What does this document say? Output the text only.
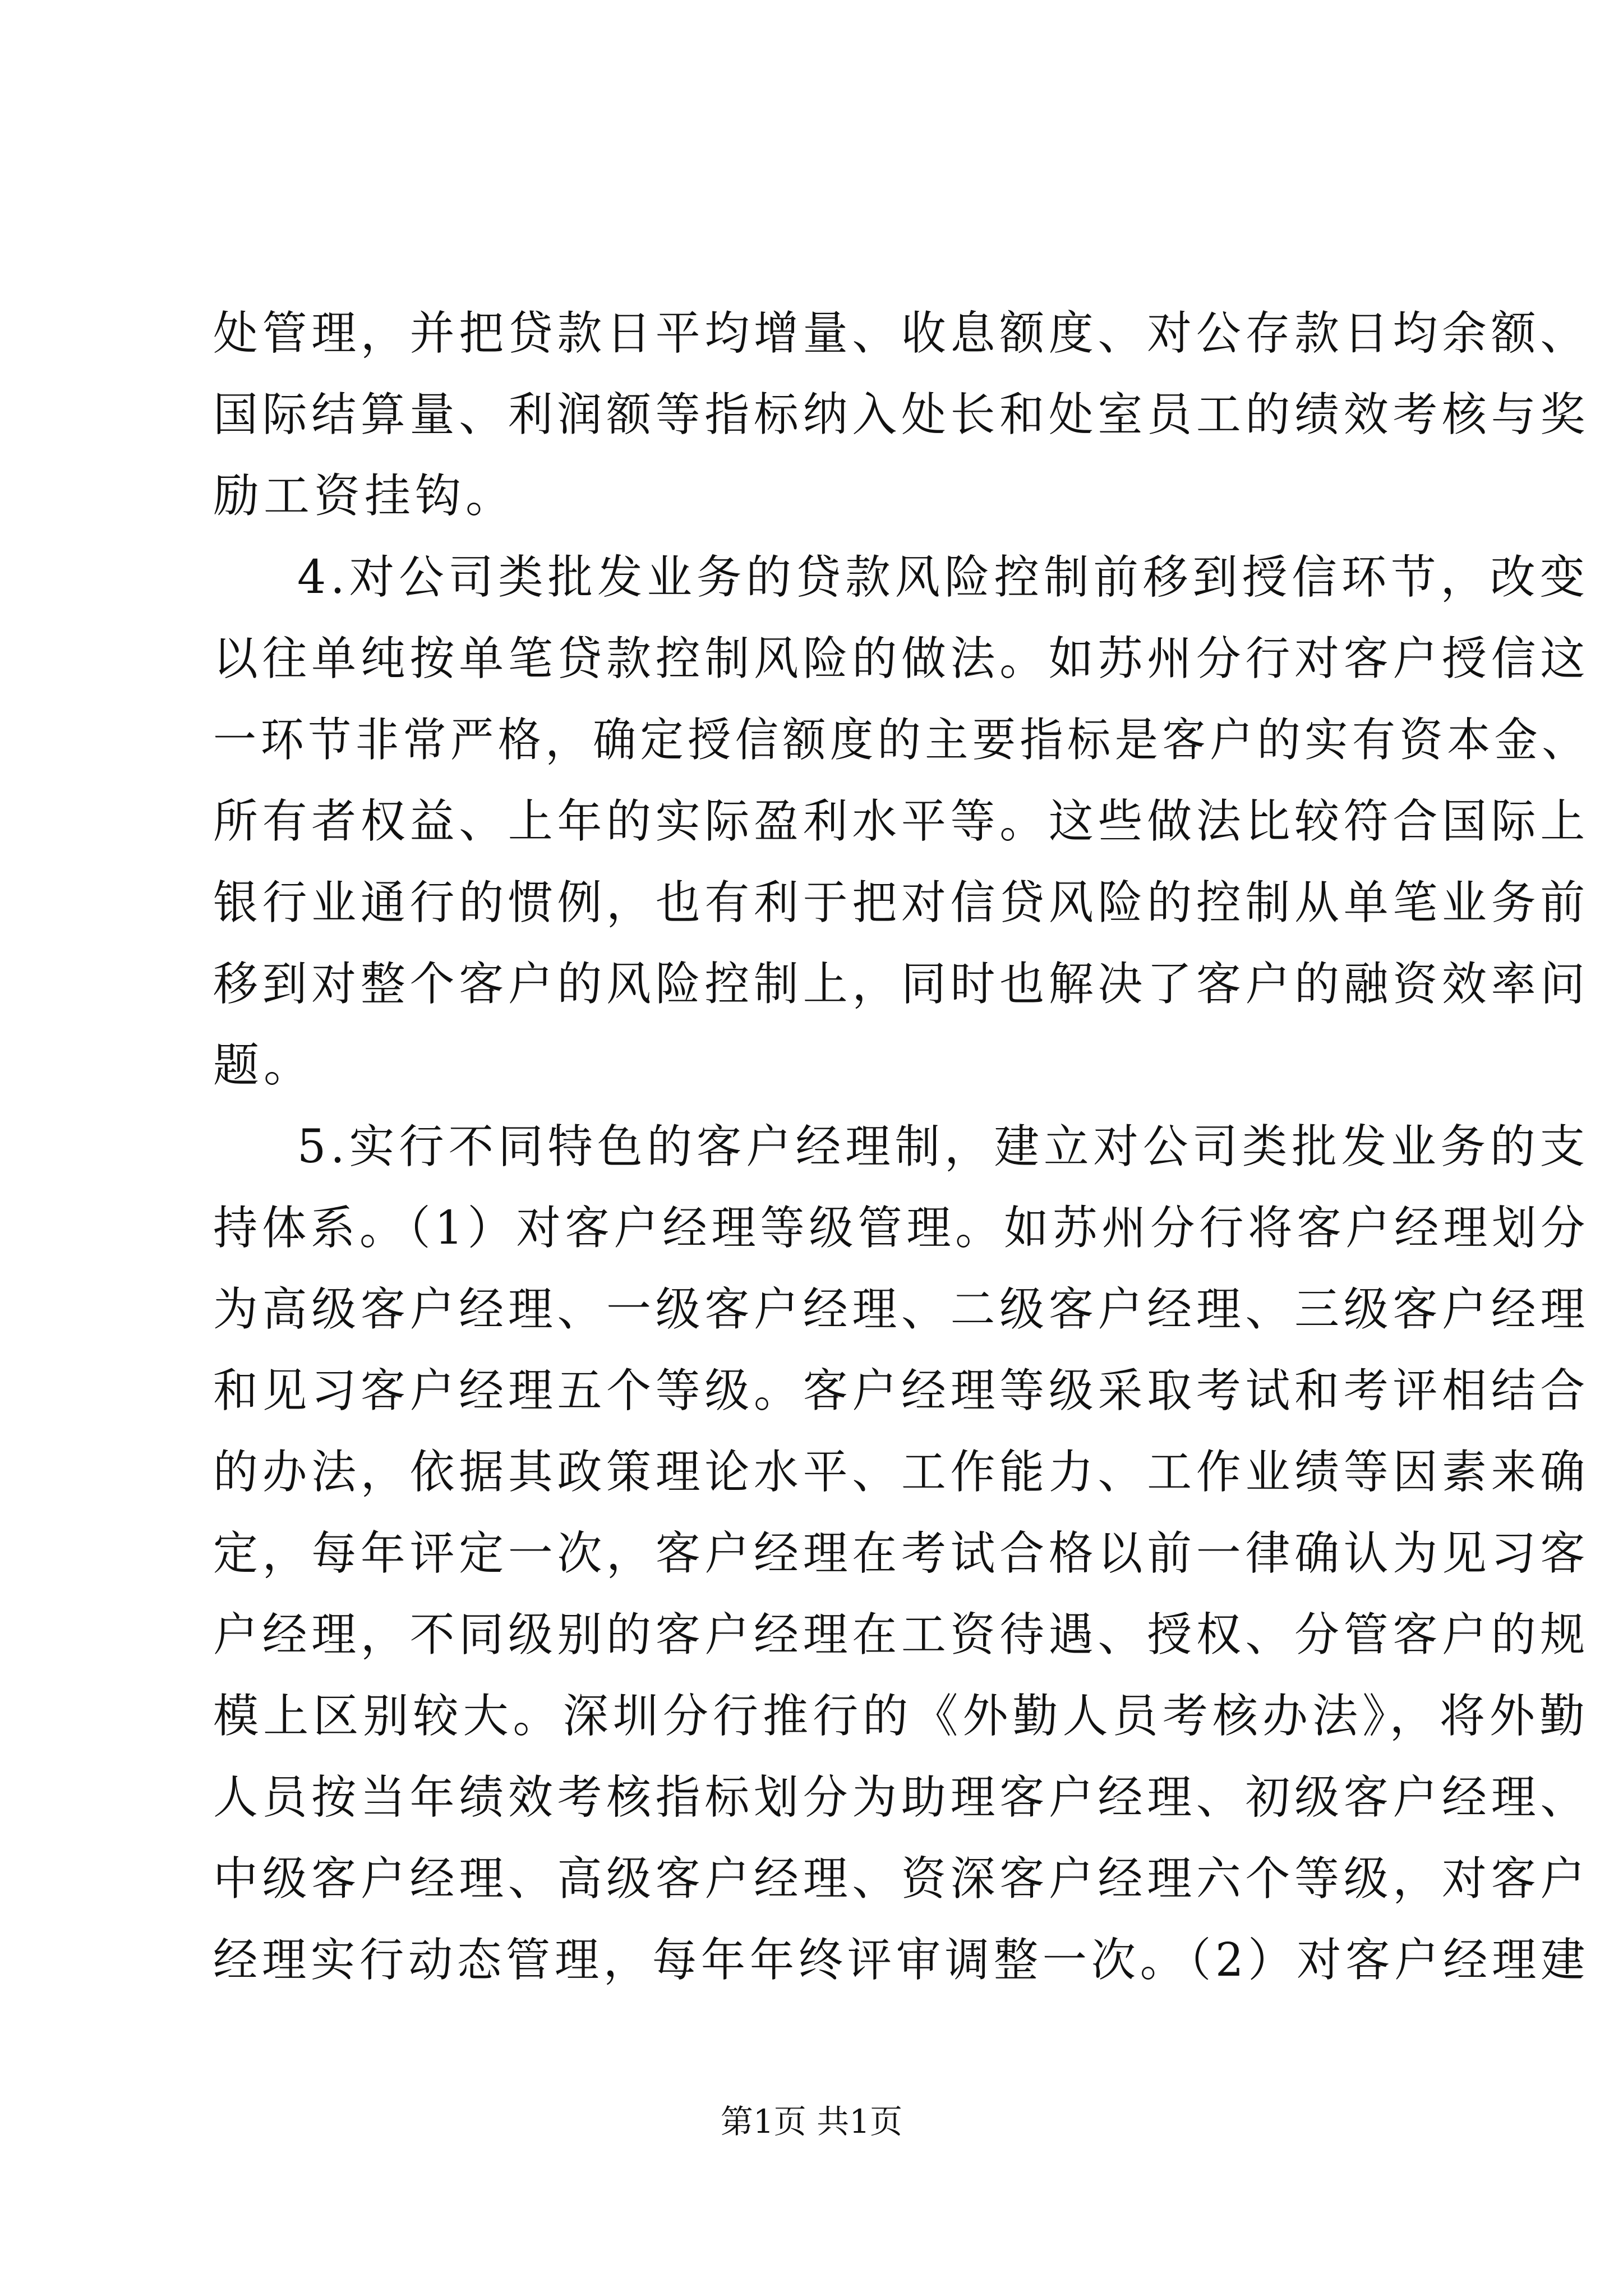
处管理，并把贷款日平均增量、收息额度、对公存款日均余额、
国际结算量、利润额等指标纳入处长和处室员工的绩效考核与奖
励工资挂钩。
4.对公司类批发业务的贷款风险控制前移到授信环节，改变
以往单纯按单笔贷款控制风险的做法。如苏州分行对客户授信这
一环节非常严格，确定授信额度的主要指标是客户的实有资本金、
所有者权益、上年的实际盈利水平等。这些做法比较符合国际上
银行业通行的惯例，也有利于把对信贷风险的控制从单笔业务前
移到对整个客户的风险控制上，同时也解决了客户的融资效率问
题。
5.实行不同特色的客户经理制，建立对公司类批发业务的支
持体系。（1）对客户经理等级管理。如苏州分行将客户经理划分
为高级客户经理、一级客户经理、二级客户经理、三级客户经理
和见习客户经理五个等级。客户经理等级采取考试和考评相结合
的办法，依据其政策理论水平、工作能力、工作业绩等因素来确
定，每年评定一次，客户经理在考试合格以前一律确认为见习客
户经理，不同级别的客户经理在工资待遇、授权、分管客户的规
模上区别较大。深圳分行推行的《外勤人员考核办法》，将外勤
人员按当年绩效考核指标划分为助理客户经理、初级客户经理、
中级客户经理、高级客户经理、资深客户经理六个等级，对客户
经理实行动态管理，每年年终评审调整一次。（2）对客户经理建
第1页 共1页
